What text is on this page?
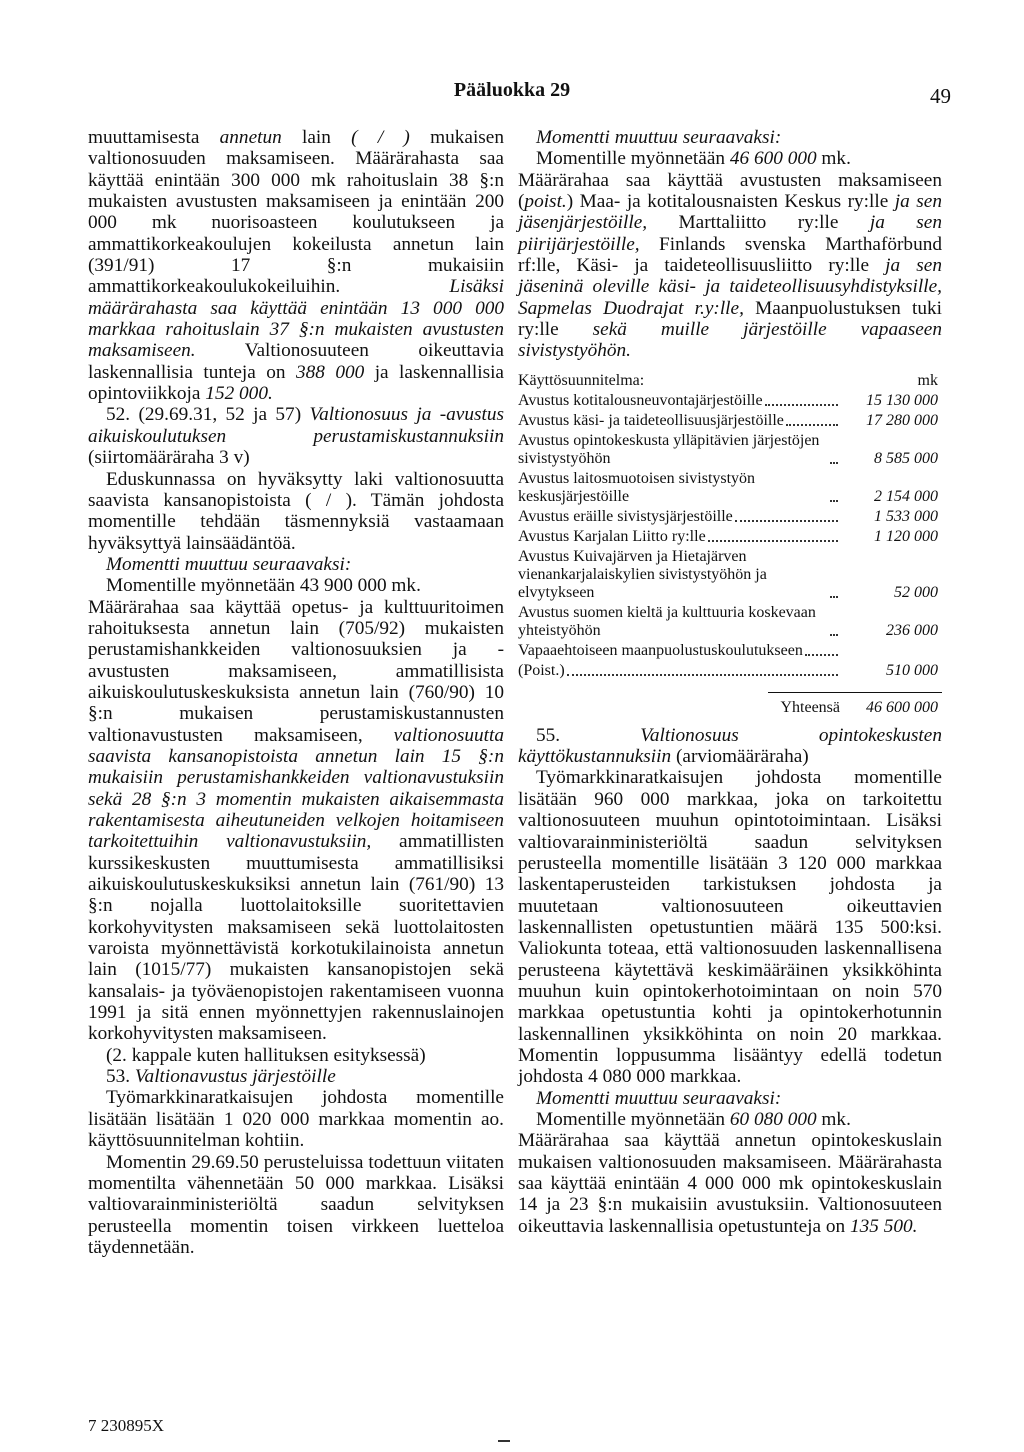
Pääluokka 29	49

muuttamisesta annetun lain ( / ) mukaisen valtionosuuden maksamiseen. Määrärahasta saa käyttää enintään 300 000 mk rahoituslain 38 §:n mukaisten avustusten maksamiseen ja enintään 200 000 mk nuorisoasteen koulutukseen ja ammattikorkeakoulujen kokeilusta annetun lain (391/91) 17 §:n mukaisiin ammattikorkeakoulukokeiluihin. Lisäksi määrärahasta saa käyttää enintään 13 000 000 markkaa rahoituslain 37 §:n mukaisten avustusten maksamiseen. Valtionosuuteen oikeuttavia laskennallisia tunteja on 388 000 ja laskennallisia opintoviikkoja 152 000.

52. (29.69.31, 52 ja 57) Valtionosuus ja -avustus aikuiskoulutuksen perustamiskustannuksiin (siirtomääräraha 3 v)

Eduskunnassa on hyväksytty laki valtionosuutta saavista kansanopistoista ( / ). Tämän johdosta momentille tehdään täsmennyksiä vastaamaan hyväksyttyä lainsäädäntöä.

Momentti muuttuu seuraavaksi:

Momentille myönnetään 43 900 000 mk.

Määrärahaa saa käyttää opetus- ja kulttuuritoimen rahoituksesta annetun lain (705/92) mukaisten perustamishankkeiden valtionosuuksien ja -avustusten maksamiseen, ammatillisista aikuiskoulutuskeskuksista annetun lain (760/90) 10 §:n mukaisen perustamiskustannusten valtionavustusten maksamiseen, valtionosuutta saavista kansanopistoista annetun lain 15 §:n mukaisiin perustamishankkeiden valtionavustuksiin sekä 28 §:n 3 momentin mukaisten aikaisemmasta rakentamisesta aiheutuneiden velkojen hoitamiseen tarkoitettuihin valtionavustuksiin, ammatillisten kurssikeskusten muuttumisesta ammatillisiksi aikuiskoulutuskeskuksiksi annetun lain (761/90) 13 §:n nojalla luottolaitoksille suoritettavien korkohyvitysten maksamiseen sekä luottolaitosten varoista myönnettävistä korkotukilainoista annetun lain (1015/77) mukaisten kansanopistojen sekä kansalais- ja työväenopistojen rakentamiseen vuonna 1991 ja sitä ennen myönnettyjen rakennuslainojen korkohyvitysten maksamiseen.

(2. kappale kuten hallituksen esityksessä)

53. Valtionavustus järjestöille

Työmarkkinaratkaisujen johdosta momentille lisätään lisätään 1 020 000 markkaa momentin ao. käyttösuunnitelman kohtiin.

Momentin 29.69.50 perusteluissa todettuun viitaten momentilta vähennetään 50 000 markkaa. Lisäksi valtiovarainministeriöltä saadun selvityksen perusteella momentin toisen virkkeen luetteloa täydennetään.

Momentti muuttuu seuraavaksi:

Momentille myönnetään 46 600 000 mk.

Määrärahaa saa käyttää avustusten maksamiseen (poist.) Maa- ja kotitalousnaisten Keskus ry:lle ja sen jäsenjärjestöille, Marttaliitto ry:lle ja sen piirijärjestöille, Finlands svenska Marthaförbund rf:lle, Käsi- ja taideteollisuusliitto ry:lle ja sen jäseninä oleville käsi- ja taideteollisuusyhdistyksille, Sapmelas Duodrajat r.y:lle, Maanpuolustuksen tuki ry:lle sekä muille järjestöille vapaaseen sivistystyöhön.

Käyttösuunnitelma:	mk
Avustus kotitalousneuvontajärjestöille	15 130 000
Avustus käsi- ja taideteollisuusjärjestöille	17 280 000
Avustus opintokeskusta ylläpitävien järjestöjen sivistystyöhön	8 585 000
Avustus laitosmuotoisen sivistystyön keskusjärjestöille	2 154 000
Avustus eräille sivistysjärjestöille	1 533 000
Avustus Karjalan Liitto ry:lle	1 120 000
Avustus Kuivajärven ja Hietajärven vienankarjalaiskylien sivistystyöhön ja elvytykseen	52 000
Avustus suomen kieltä ja kulttuuria koskevaan yhteistyöhön	236 000
Vapaaehtoiseen maanpuolustuskoulutukseen
(Poist.)	510 000
Yhteensä	46 600 000

55. Valtionosuus opintokeskusten käyttökustannuksiin (arviomääräraha)

Työmarkkinaratkaisujen johdosta momentille lisätään 960 000 markkaa, joka on tarkoitettu valtionosuuteen muuhun opintotoimintaan. Lisäksi valtiovarainministeriöltä saadun selvityksen perusteella momentille lisätään 3 120 000 markkaa laskentaperusteiden tarkistuksen johdosta ja muutetaan valtionosuuteen oikeuttavien laskennallisten opetustuntien määrä 135 500:ksi. Valiokunta toteaa, että valtionosuuden laskennallisena perusteena käytettävä keskimääräinen yksikköhinta muuhun kuin opintokerhotoimintaan on noin 570 markkaa opetustuntia kohti ja opintokerhotunnin laskennallinen yksikköhinta on noin 20 markkaa. Momentin loppusumma lisääntyy edellä todetun johdosta 4 080 000 markkaa.

Momentti muuttuu seuraavaksi:

Momentille myönnetään 60 080 000 mk.

Määrärahaa saa käyttää annetun opintokeskuslain mukaisen valtionosuuden maksamiseen. Määrärahasta saa käyttää enintään 4 000 000 mk opintokeskuslain 14 ja 23 §:n mukaisiin avustuksiin. Valtionosuuteen oikeuttavia laskennallisia opetustunteja on 135 500.

7 230895X
